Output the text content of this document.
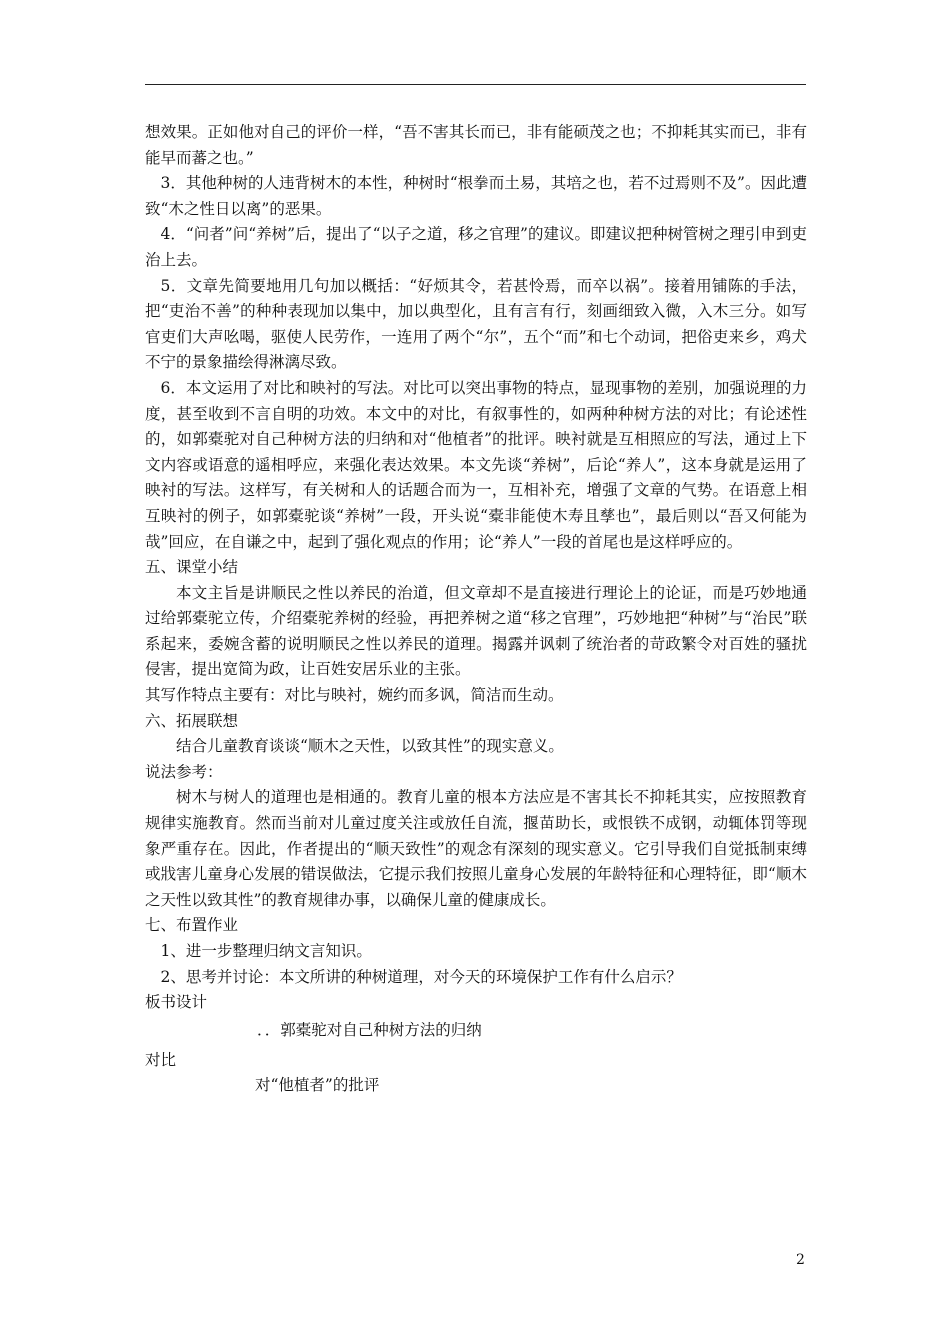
想效果。正如他对自己的评价一样，“吾不害其长而已，非有能硕茂之也；不抑耗其实而已，非有能早而蕃之也。”

3．其他种树的人违背树木的本性，种树时“根拳而土易，其培之也，若不过焉则不及”。因此遭致“木之性日以离”的恶果。

4．“问者”问“养树”后，提出了“以子之道，移之官理”的建议。即建议把种树管树之理引申到吏治上去。

5．文章先简要地用几句加以概括：“好烦其令，若甚怜焉，而卒以祸”。接着用铺陈的手法，把“吏治不善”的种种表现加以集中，加以典型化，且有言有行，刻画细致入微，入木三分。如写官吏们大声吆喝，驱使人民劳作，一连用了两个“尔”，五个“而”和七个动词，把俗吏来乡，鸡犬不宁的景象描绘得淋漓尽致。

6．本文运用了对比和映衬的写法。对比可以突出事物的特点，显现事物的差别，加强说理的力度，甚至收到不言自明的功效。本文中的对比，有叙事性的，如两种种树方法的对比；有论述性的，如郭橐驼对自己种树方法的归纳和对“他植者”的批评。映衬就是互相照应的写法，通过上下文内容或语意的遥相呼应，来强化表达效果。本文先谈“养树”，后论“养人”，这本身就是运用了映衬的写法。这样写，有关树和人的话题合而为一，互相补充，增强了文章的气势。在语意上相互映衬的例子，如郭橐驼谈“养树”一段，开头说“橐非能使木寿且孳也”，最后则以“吾又何能为哉”回应，在自谦之中，起到了强化观点的作用；论“养人”一段的首尾也是这样呼应的。

五、课堂小结

本文主旨是讲顺民之性以养民的治道，但文章却不是直接进行理论上的论证，而是巧妙地通过给郭橐驼立传，介绍橐驼养树的经验，再把养树之道“移之官理”，巧妙地把“种树”与“治民”联系起来，委婉含蓄的说明顺民之性以养民的道理。揭露并讽刺了统治者的苛政繁令对百姓的骚扰侵害，提出宽简为政，让百姓安居乐业的主张。

其写作特点主要有：对比与映衬，婉约而多讽，简洁而生动。

六、拓展联想

结合儿童教育谈谈“顺木之天性，以致其性”的现实意义。

说法参考：

树木与树人的道理也是相通的。教育儿童的根本方法应是不害其长不抑耗其实，应按照教育规律实施教育。然而当前对儿童过度关注或放任自流，揠苗助长，或恨铁不成钢，动辄体罚等现象严重存在。因此，作者提出的“顺天致性”的观念有深刻的现实意义。它引导我们自觉抵制束缚或戕害儿童身心发展的错误做法，它提示我们按照儿童身心发展的年龄特征和心理特征，即“顺木之天性以致其性”的教育规律办事，以确保儿童的健康成长。

七、布置作业

1、进一步整理归纳文言知识。

2、思考并讨论：本文所讲的种树道理，对今天的环境保护工作有什么启示？

板书设计

．．郭橐驼对自己种树方法的归纳
对比
对“他植者”的批评
2
